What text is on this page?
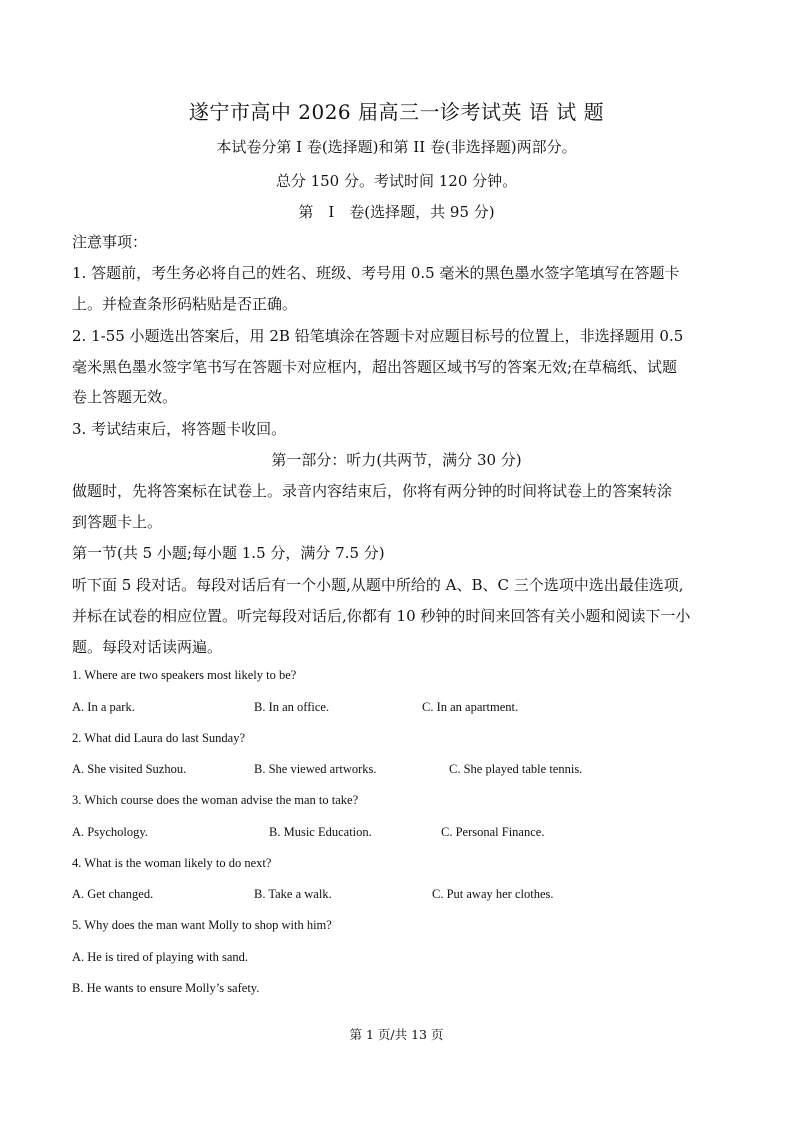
遂宁市高中 2026 届高三一诊考试英 语 试 题
本试卷分第 I 卷(选择题)和第 II 卷(非选择题)两部分。
总分 150 分。考试时间 120 分钟。
第　I　卷(选择题，共 95 分)
注意事项：
1. 答题前，考生务必将自己的姓名、班级、考号用 0.5 毫米的黑色墨水签字笔填写在答题卡
上。并检查条形码粘贴是否正确。
2. 1-55 小题选出答案后，用 2B 铅笔填涂在答题卡对应题目标号的位置上，非选择题用 0.5
毫米黑色墨水签字笔书写在答题卡对应框内，超出答题区域书写的答案无效;在草稿纸、试题
卷上答题无效。
3. 考试结束后，将答题卡收回。
第一部分：听力(共两节，满分 30 分)
做题时，先将答案标在试卷上。录音内容结束后，你将有两分钟的时间将试卷上的答案转涂
到答题卡上。
第一节(共 5 小题;每小题 1.5 分，满分 7.5 分)
听下面 5 段对话。每段对话后有一个小题,从题中所给的 A、B、C 三个选项中选出最佳选项,
并标在试卷的相应位置。听完每段对话后,你都有 10 秒钟的时间来回答有关小题和阅读下一小
题。每段对话读两遍。
1. Where are two speakers most likely to be?
A. In a park.	B. In an office.	C. In an apartment.
2. What did Laura do last Sunday?
A. She visited Suzhou.	B. She viewed artworks.	C. She played table tennis.
3. Which course does the woman advise the man to take?
A. Psychology.	B. Music Education.	C. Personal Finance.
4. What is the woman likely to do next?
A. Get changed.	B. Take a walk.	C. Put away her clothes.
5. Why does the man want Molly to shop with him?
A. He is tired of playing with sand.
B. He wants to ensure Molly’s safety.
第 1 页/共 13 页
